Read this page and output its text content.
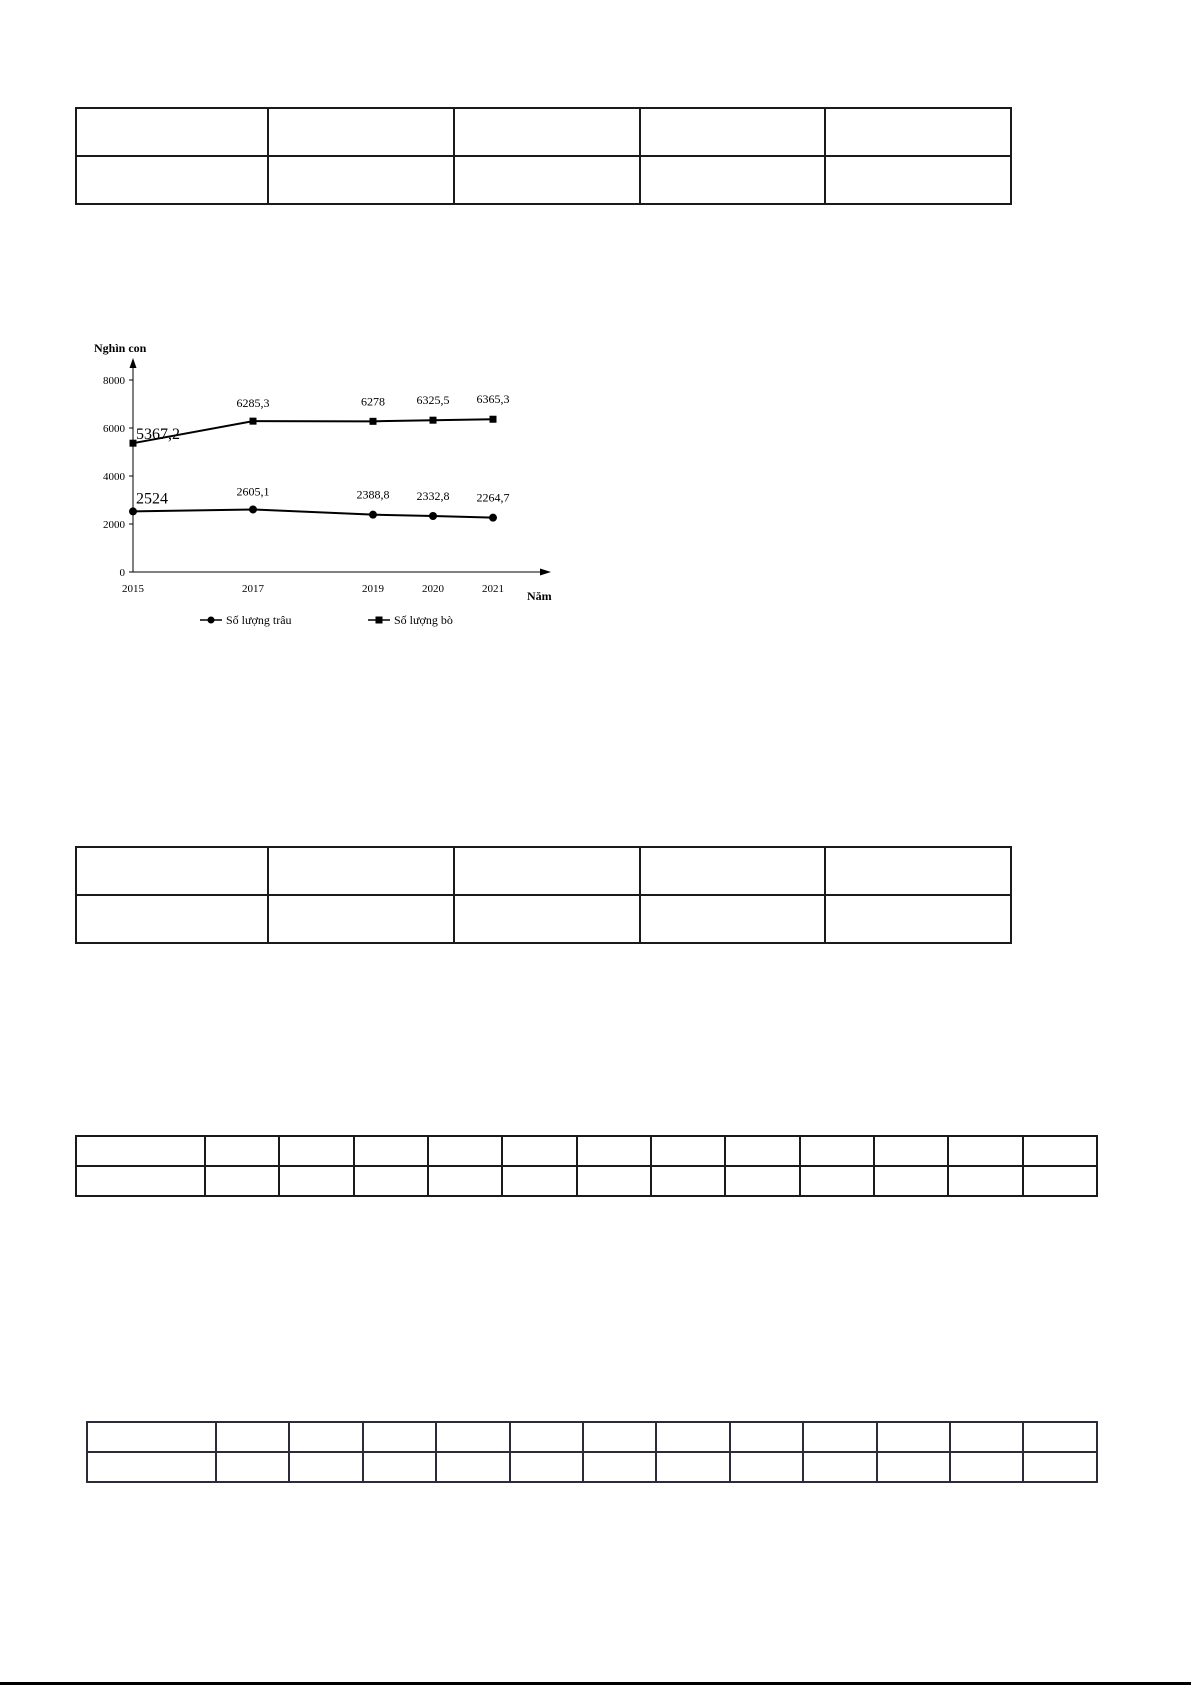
Nghìn con
Năm
0
2000
4000
6000
8000
2015	2017	2019	2020	2021
2524	2605,1	2388,8 2332,8 2264,7
5367,2
6285,3	6278	6325,5 6365,3
Số lượng trâu	Số lượng bò
